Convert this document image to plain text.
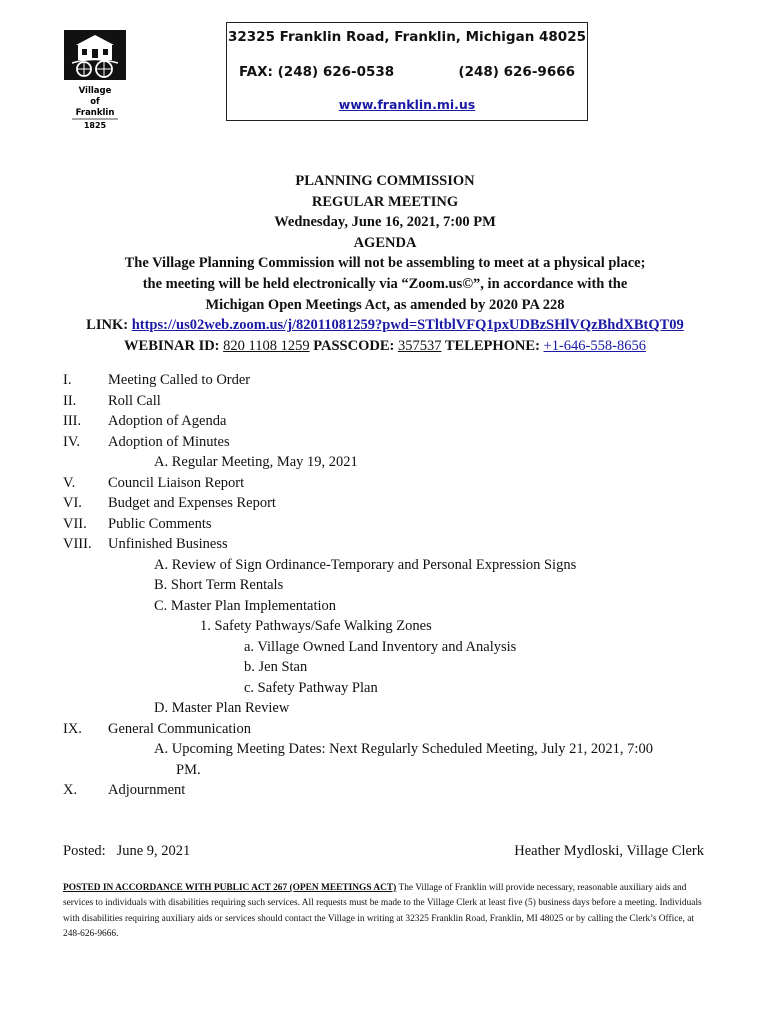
Village
of
Franklin
1825
32325 Franklin Road, Franklin, Michigan 48025
FAX: (248) 626-0538	(248) 626-9666
www.franklin.mi.us
PLANNING COMMISSION
REGULAR MEETING
Wednesday, June 16, 2021, 7:00 PM
AGENDA
The Village Planning Commission will not be assembling to meet at a physical place;
the meeting will be held electronically via “Zoom.us©”, in accordance with the
Michigan Open Meetings Act, as amended by 2020 PA 228
LINK: https://us02web.zoom.us/j/82011081259?pwd=STltblVFQ1pxUDBzSHlVQzBhdXBtQT09
WEBINAR ID: 820 1108 1259 PASSCODE: 357537 TELEPHONE: +1-646-558-8656
I.	Meeting Called to Order
II. Roll Call
III. Adoption of Agenda
IV. Adoption of Minutes
A. Regular Meeting, May 19, 2021
V. Council Liaison Report
VI. Budget and Expenses Report
VII. Public Comments
VIII. Unfinished Business
A. Review of Sign Ordinance-Temporary and Personal Expression Signs
B. Short Term Rentals
C. Master Plan Implementation
1. Safety Pathways/Safe Walking Zones
a. Village Owned Land Inventory and Analysis
b. Jen Stan
c. Safety Pathway Plan
D. Master Plan Review
IX. General Communication
A. Upcoming Meeting Dates: Next Regularly Scheduled Meeting, July 21, 2021, 7:00
PM.
X. Adjournment
Posted:   June 9, 2021	Heather Mydloski, Village Clerk
POSTED IN ACCORDANCE WITH PUBLIC ACT 267 (OPEN MEETINGS ACT) The Village of Franklin will provide necessary, reasonable auxiliary aids and services to individuals with disabilities requiring such services. All requests must be made to the Village Clerk at least five (5) business days before a meeting. Individuals with disabilities requiring auxiliary aids or services should contact the Village in writing at 32325 Franklin Road, Franklin, MI 48025 or by calling the Clerk’s Office, at 248-626-9666.
